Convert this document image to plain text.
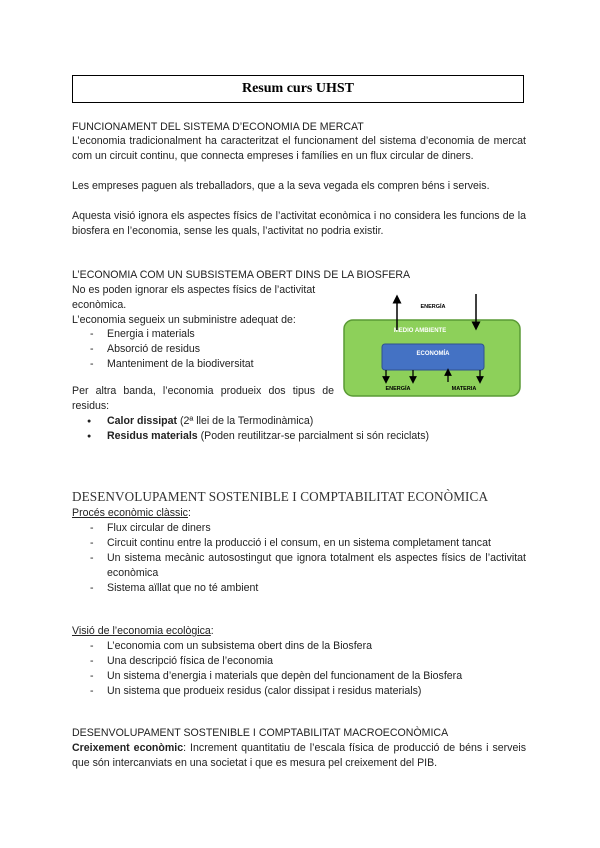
Resum curs UHST

FUNCIONAMENT DEL SISTEMA D’ECONOMIA DE MERCAT

L’economia tradicionalment ha caracteritzat el funcionament del sistema d’economia de mercat com un circuit continu, que connecta empreses i famílies en un flux circular de diners.

Les empreses paguen als treballadors, que a la seva vegada els compren béns i serveis.

Aquesta visió ignora els aspectes físics de l’activitat econòmica i no considera les funcions de la biosfera en l’economia, sense les quals, l’activitat no podria existir.

L’ECONOMIA COM UN SUBSISTEMA OBERT DINS DE LA BIOSFERA

No es poden ignorar els aspectes físics de l’activitat econòmica.

L’economia segueix un subministre adequat de:

- Energia i materials
- Absorció de residus
- Manteniment de la biodiversitat

Per altra banda, l’economia produeix dos tipus de residus:

● Calor dissipat (2ª llei de la Termodinàmica)
● Residus materials (Poden reutilitzar-se parcialment si són reciclats)
MEDIO AMBIENTE
ECONOMÍA
ENERGÍA
ENERGÍA	MATERIA

DESENVOLUPAMENT SOSTENIBLE I COMPTABILITAT ECONÒMICA

Procés econòmic clàssic:

- Flux circular de diners
- Circuit continu entre la producció i el consum, en un sistema completament tancat
- Un sistema mecànic autosostingut que ignora totalment els aspectes físics de l’activitat econòmica
- Sistema aïllat que no té ambient

Visió de l’economia ecològica:

- L’economia com un subsistema obert dins de la Biosfera
- Una descripció física de l’economia
- Un sistema d’energia i materials que depèn del funcionament de la Biosfera
- Un sistema que produeix residus (calor dissipat i residus materials)

DESENVOLUPAMENT SOSTENIBLE I COMPTABILITAT MACROECONÒMICA

Creixement econòmic: Increment quantitatiu de l’escala física de producció de béns i serveis que són intercanviats en una societat i que es mesura pel creixement del PIB.
